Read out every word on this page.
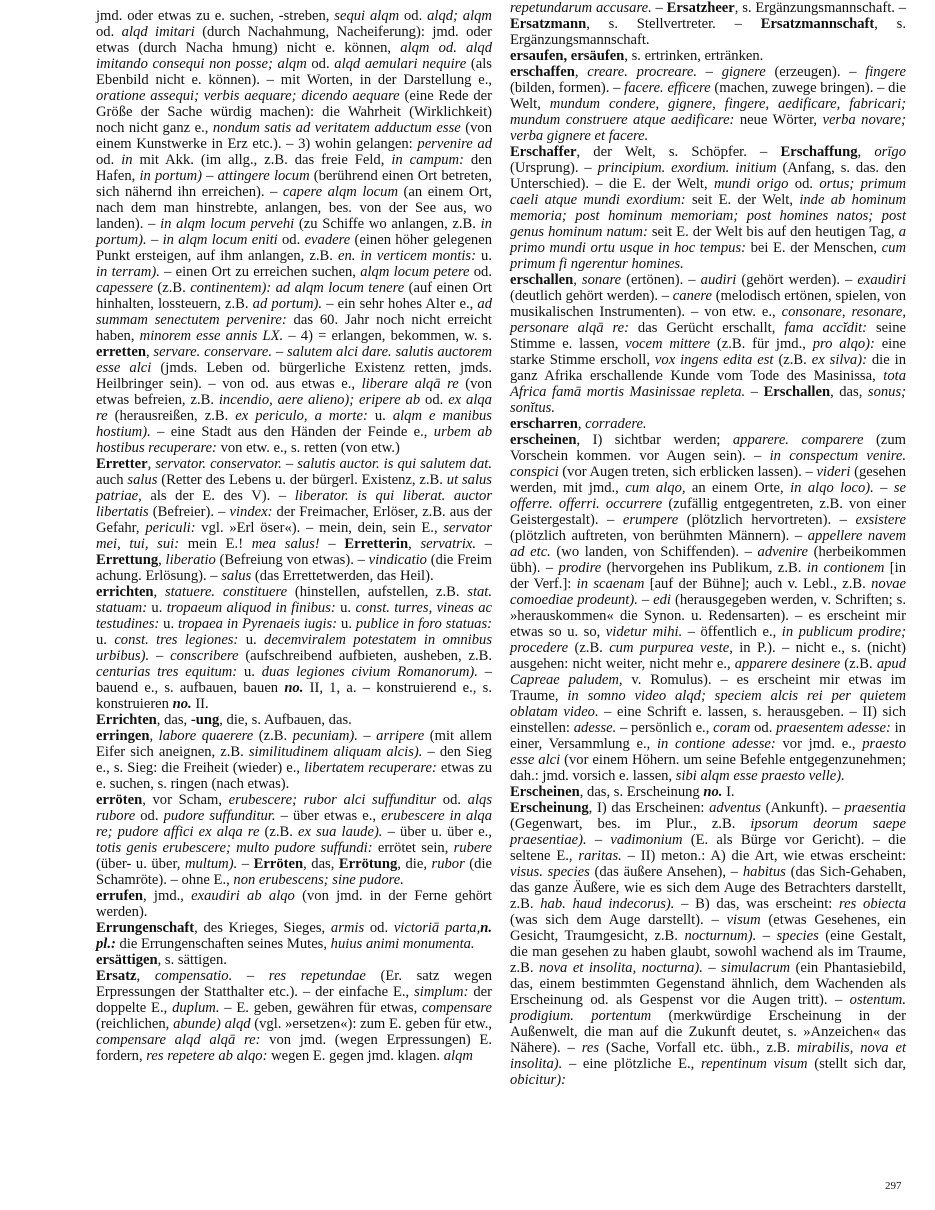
jmd. oder etwas zu e. suchen, -streben, sequi alqm od. alqd; alqm od. alqd imitari (durch Nachahmung, Nacheiferung): jmd. oder etwas (durch Nacha hmung) nicht e. können, alqm od. alqd imitando consequi non posse; alqm od. alqd aemulari nequire (als Ebenbild nicht e. können). – mit Worten, in der Darstellung e., oratione assequi; verbis aequare; dicendo aequare (eine Rede der Größe der Sache würdig machen): die Wahrheit (Wirklichkeit) noch nicht ganz e., nondum satis ad veritatem adductum esse (von einem Kunstwerke in Erz etc.). – 3) wohin gelangen: pervenire ad od. in mit Akk. (im allg., z.B. das freie Feld, in campum: den Hafen, in portum) – attingere locum (berührend einen Ort betreten, sich nähernd ihn erreichen). – capere alqm locum (an einem Ort, nach dem man hinstrebte, anlangen, bes. von der See aus, wo landen). – in alqm locum pervehi (zu Schiffe wo anlangen, z.B. in portum). – in alqm locum eniti od. evadere (einen höher gelegenen Punkt ersteigen, auf ihm anlangen, z.B. en. in verticem montis: u. in terram). – einen Ort zu erreichen suchen, alqm locum petere od. capessere (z.B. continentem): ad alqm locum tenere (auf einen Ort hinhalten, lossteuern, z.B. ad portum). – ein sehr hohes Alter e., ad summam senectutem pervenire: das 60. Jahr noch nicht erreicht haben, minorem esse annis LX. – 4) = erlangen, bekommen, w. s. erretten, servare. conservare. – salutem alci dare. salutis auctorem esse alci (jmds. Leben od. bürgerliche Existenz retten, jmds. Heilbringer sein). – von od. aus etwas e., liberare alqā re (von etwas befreien, z.B. incendio, aere alieno); eripere ab od. ex alqa re (herausreißen, z.B. ex periculo, a morte: u. alqm e manibus hostium). – eine Stadt aus den Händen der Feinde e., urbem ab hostibus recuperare: von etw. e., s. retten (von etw.)

Erretter, servator. conservator. – salutis auctor. is qui salutem dat. auch salus (Retter des Lebens u. der bürgerl. Existenz, z.B. ut salus patriae, als der E. des V). – liberator. is qui liberat. auctor libertatis (Befreier). – vindex: der Freimacher, Erlöser, z.B. aus der Gefahr, periculi: vgl. »Erl öser«). – mein, dein, sein E., servator mei, tui, sui: mein E.! mea salus! – Erretterin, servatrix. – Errettung, liberatio (Befreiung von etwas). – vindicatio (die Freim achung. Erlösung). – salus (das Errettetwerden, das Heil).

errichten, statuere. constituere (hinstellen, aufstellen, z.B. stat. statuam: u. tropaeum aliquod in finibus: u. const. turres, vineas ac testudines: u. tropaea in Pyrenaeis iugis: u. publice in foro statuas: u. const. tres legiones: u. decemviralem potestatem in omnibus urbibus). – conscribere (aufschreibend aufbieten, ausheben, z.B. centurias tres equitum: u. duas legiones civium Romanorum). – bauend e., s. aufbauen, bauen no. II, 1, a. – konstruierend e., s. konstruieren no. II.

Errichten, das, -ung, die, s. Aufbauen, das.

erringen, labore quaerere (z.B. pecuniam). – arripere (mit allem Eifer sich aneignen, z.B. similitudinem aliquam alcis). – den Sieg e., s. Sieg: die Freiheit (wieder) e., libertatem recuperare: etwas zu e. suchen, s. ringen (nach etwas).

erröten, vor Scham, erubescere; rubor alci suffunditur od. alqs rubore od. pudore suffunditur. – über etwas e., erubescere in alqa re; pudore affici ex alqa re (z.B. ex sua laude). – über u. über e., totis genis erubescere; multo pudore suffundi: errötet sein, rubere (über- u. über, multum). – Erröten, das, Errötung, die, rubor (die Schamröte). – ohne E., non erubescens; sine pudore.

errufen, jmd., exaudiri ab alqo (von jmd. in der Ferne gehört werden).

Errungenschaft, des Krieges, Sieges, armis od. victoriā parta,n. pl.: die Errungenschaften seines Mutes, huius animi monumenta.

ersättigen, s. sättigen.

Ersatz, compensatio. – res repetundae (Er. satz wegen Erpressungen der Statthalter etc.). – der einfache E., simplum: der doppelte E., duplum. – E. geben, gewähren für etwas, compensare (reichlichen, abunde) alqd (vgl. »ersetzen«): zum E. geben für etw., compensare alqd alqā re: von jmd. (wegen Erpressungen) E. fordern, res repetere ab alqo: wegen E. gegen jmd. klagen. alqm

repetundarum accusare. – Ersatzheer, s. Ergänzungsmannschaft. – Ersatzmann, s. Stellvertreter. – Ersatzmannschaft, s. Ergänzungsmannschaft.

ersaufen, ersäufen, s. ertrinken, ertränken.

erschaffen, creare. procreare. – gignere (erzeugen). – fingere (bilden, formen). – facere. efficere (machen, zuwege bringen). – die Welt, mundum condere, gignere, fingere, aedificare, fabricari; mundum construere atque aedificare: neue Wörter, verba novare; verba gignere et facere.

Erschaffer, der Welt, s. Schöpfer. – Erschaffung, orīgo (Ursprung). – principium. exordium. initium (Anfang, s. das. den Unterschied). – die E. der Welt, mundi origo od. ortus; primum caeli atque mundi exordium: seit E. der Welt, inde ab hominum memoria; post hominum memoriam; post homines natos; post genus hominum natum: seit E. der Welt bis auf den heutigen Tag, a primo mundi ortu usque in hoc tempus: bei E. der Menschen, cum primum fi ngerentur homines.

erschallen, sonare (ertönen). – audiri (gehört werden). – exaudiri (deutlich gehört werden). – canere (melodisch ertönen, spielen, von musikalischen Instrumenten). – von etw. e., consonare, resonare, personare alqā re: das Gerücht erschallt, fama accĭdit: seine Stimme e. lassen, vocem mittere (z.B. für jmd., pro alqo): eine starke Stimme erscholl, vox ingens edita est (z.B. ex silva): die in ganz Afrika erschallende Kunde vom Tode des Masinissa, tota Africa famā mortis Masinissae repleta. – Erschallen, das, sonus; sonĭtus.

erscharren, corradere.

erscheinen, I) sichtbar werden; apparere. comparere (zum Vorschein kommen. vor Augen sein). – in conspectum venire. conspici (vor Augen treten, sich erblicken lassen). – videri (gesehen werden, mit jmd., cum alqo, an einem Orte, in alqo loco). – se offerre. offerri. occurrere (zufällig entgegentreten, z.B. von einer Geistergestalt). – erumpere (plötzlich hervortreten). – exsistere (plötzlich auftreten, von berühmten Männern). – appellere navem ad etc. (wo landen, von Schiffenden). – advenire (herbeikommen übh). – prodire (hervorgehen ins Publikum, z.B. in contionem [in der Verf.]: in scaenam [auf der Bühne]; auch v. Lebl., z.B. novae comoediae prodeunt). – edi (herausgegeben werden, v. Schriften; s. »herauskommen« die Synon. u. Redensarten). – es erscheint mir etwas so u. so, videtur mihi. – öffentlich e., in publicum prodire; procedere (z.B. cum purpurea veste, in P.). – nicht e., s. (nicht) ausgehen: nicht weiter, nicht mehr e., apparere desinere (z.B. apud Capreae paludem, v. Romulus). – es erscheint mir etwas im Traume, in somno video alqd; speciem alcis rei per quietem oblatam video. – eine Schrift e. lassen, s. herausgeben. – II) sich einstellen: adesse. – persönlich e., coram od. praesentem adesse: in einer, Versammlung e., in contione adesse: vor jmd. e., praesto esse alci (vor einem Höhern. um seine Befehle entgegenzunehmen; dah.: jmd. vorsich e. lassen, sibi alqm esse praesto velle).

Erscheinen, das, s. Erscheinung no. I.

Erscheinung, I) das Erscheinen: adventus (Ankunft). – praesentia (Gegenwart, bes. im Plur., z.B. ipsorum deorum saepe praesentiae). – vadimonium (E. als Bürge vor Gericht). – die seltene E., raritas. – II) meton.: A) die Art, wie etwas erscheint: visus. species (das äußere Ansehen), – habitus (das Sich-Gehaben, das ganze Äußere, wie es sich dem Auge des Betrachters darstellt, z.B. hab. haud indecorus). – B) das, was erscheint: res obiecta (was sich dem Auge darstellt). – visum (etwas Gesehenes, ein Gesicht, Traumgesicht, z.B. nocturnum). – species (eine Gestalt, die man gesehen zu haben glaubt, sowohl wachend als im Traume, z.B. nova et insolita, nocturna). – simulacrum (ein Phantasiebild, das, einem bestimmten Gegenstand ähnlich, dem Wachenden als Erscheinung od. als Gespenst vor die Augen tritt). – ostentum. prodigium. portentum (merkwürdige Erscheinung in der Außenwelt, die man auf die Zukunft deutet, s. »Anzeichen« das Nähere). – res (Sache, Vorfall etc. übh., z.B. mirabilis, nova et insolita). – eine plötzliche E., repentinum visum (stellt sich dar, obicitur):

297
